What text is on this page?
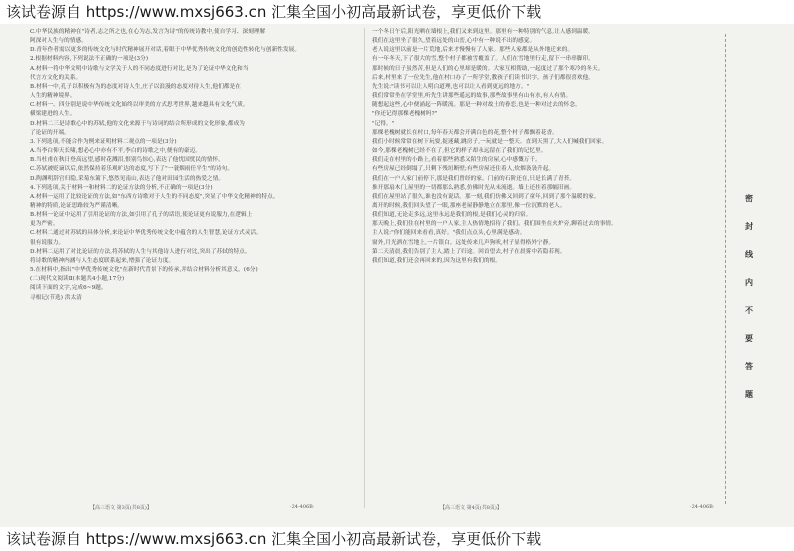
该试卷源自 https://www.mxsj663.cn 汇集全国小初高最新试卷，享更低价下载

C.中华民族的精神在"诗者,志之所之也,在心为志,发言为诗"的传统诗教中,使自学习、深刻理解

阿深对人生与的情感。

D.青年作者需以更多的传统文化与时代精神展开对话,着眼于中华优秀传统文化的创造性转化与创新性发展。

2.根据材料内容,下列说法不正确的一项是(3分)

A.材料一将中华文明中诗歌与文学关于人的不同态度进行对比,是为了论证中华文化和当

代言方文化的关系。

B.材料一中,孔子以积极有为的态度对诗人生,庄子以浪漫的态度对待人生,他们都是在

人生的精神境界。

C.材料一、四分别是说中华传统文化始终以审美的方式思考世界,越来越具有文化气质。

横梁建进的人生。

D.材料二三是诗歌心中的苏轼,他的文化来源于与诗词的结合所形成的文化形象,都成为

了论证的开端。

3.下列选项,不能合作为例来证明材料二观点的一项是(3分)

A.当李白仰天长啸,想必心中亦有不平,李白的诗歌之中,便有的豪迈。

B.当杜甫在秋日登高远望,感时花溅泪,恨别鸟惊心,表达了他忧国忧民的情怀。

C.苏轼被贬谪以后,依然保持着乐观旷达的态度,写下了"一蓑烟雨任平生"的诗句。

D.陶渊明辞官归隐,采菊东篱下,悠然见南山,表达了他对田园生活的热爱之情。

4.下列选项,关于材料一和材料二的论证方法的分析,不正确的一项是(3分)

A.材料一运用了比较论证的方法,如"东西方诗歌对于人生的不同态度",突显了中华文化精神的特点。

精神的特质,论证思路较为严谨清晰。

B.材料一论证中运用了引用论证的方法,如引用了孔子的话语,使论证更有说服力,在逻辑上

更为严密。

C.材料二通过对苏轼的具体分析,来论证中华优秀传统文化中蕴含的人生智慧,论证方式灵活。

很有说服力。

D.材料二运用了对比论证的方法,将苏轼的人生与其他诗人进行对比,突出了苏轼的特点。

将诗歌的精神内涵与人生态度联系起来,增强了论证力度。

5.在材料中,指出"中华优秀传统文化"在新时代背景下的传承,并结合材料分析其意义。(6分)

(二)现代文阅读Ⅱ(本题共4小题,17分)

阅读下面的文字,完成6~9题。

寻根记(节选) 洪太清

一个冬日午后,阳光晒在墙根上,我们又来到这里。那里有一种特别的气息,让人感到温暖。

我们在这里坐了很久,望着远处的山峦,心中有一种说不出的感觉。

老人说这里以前是一片荒地,后来才慢慢有了人家。那些人家都是从外地迁来的。

有一年冬天,下了很大的雪,整个村子都被雪覆盖了。人们在雪地里行走,留下一串串脚印。

那时候的日子虽然苦,但是人们的心里却是暖的。大家互相帮助,一起度过了那个寒冷的冬天。

后来,村里来了一位先生,他在村口办了一所学堂,教孩子们读书识字。孩子们都很喜欢他。

先生说:"读书可以让人明白道理,也可以让人看到更远的地方。"

我们常常坐在学堂里,听先生讲那些遥远的故事,那些故事里有山有水,有人有情。

随想起这些,心中便涌起一阵暖流。那是一种对故土的眷恋,也是一种对过去的怀念。

"你还记得那棵老槐树吗?"

"记得。"

那棵老槐树就长在村口,每年春天都会开满白色的花,整个村子都飘着花香。

我们小时候常常在树下玩耍,捉迷藏,跳房子,一玩就是一整天。直到天黑了,大人们喊我们回家。

如今,那棵老槐树已经不在了,但它的样子却永远留在了我们的记忆里。

我们走在村里的小路上,看着那些熟悉又陌生的房屋,心中感慨万千。

有些房屋已经倒塌了,只剩下残垣断壁;有些房屋还住着人,炊烟袅袅升起。

我们在一户人家门前停下,那是我们曾经的家。门前的石阶还在,只是长满了青苔。

推开那扇木门,屋里的一切都那么熟悉,仿佛时光从未流逝。墙上还挂着那幅旧画。

我们在屋里站了很久,谁也没有说话。那一刻,我们仿佛又回到了童年,回到了那个温暖的家。

离开的时候,我们回头望了一眼,那座老屋静静地立在那里,像一位沉默的老人。

我们知道,无论走多远,这里永远是我们的根,是我们心灵的归宿。

那天晚上,我们住在村里的一户人家,主人热情地招待了我们。我们围坐在火炉旁,聊着过去的事情。

主人说:"你们能回来看看,真好。"我们点点头,心里满是感动。

窗外,月光洒在雪地上,一片银白。远处传来几声狗吠,村子显得格外宁静。

第二天清晨,我们告别了主人,踏上了归途。回首望去,村子在晨雾中若隐若现。

我们知道,我们还会再回来的,因为这里有我们的根。

【高三语文 第3页(共8页)】	·24-406B·	【高三语文 第4页(共8页)】	·24-406B·
密
封
线
内
不
要
答
题
该试卷源自 https://www.mxsj663.cn 汇集全国小初高最新试卷，享更低价下载
